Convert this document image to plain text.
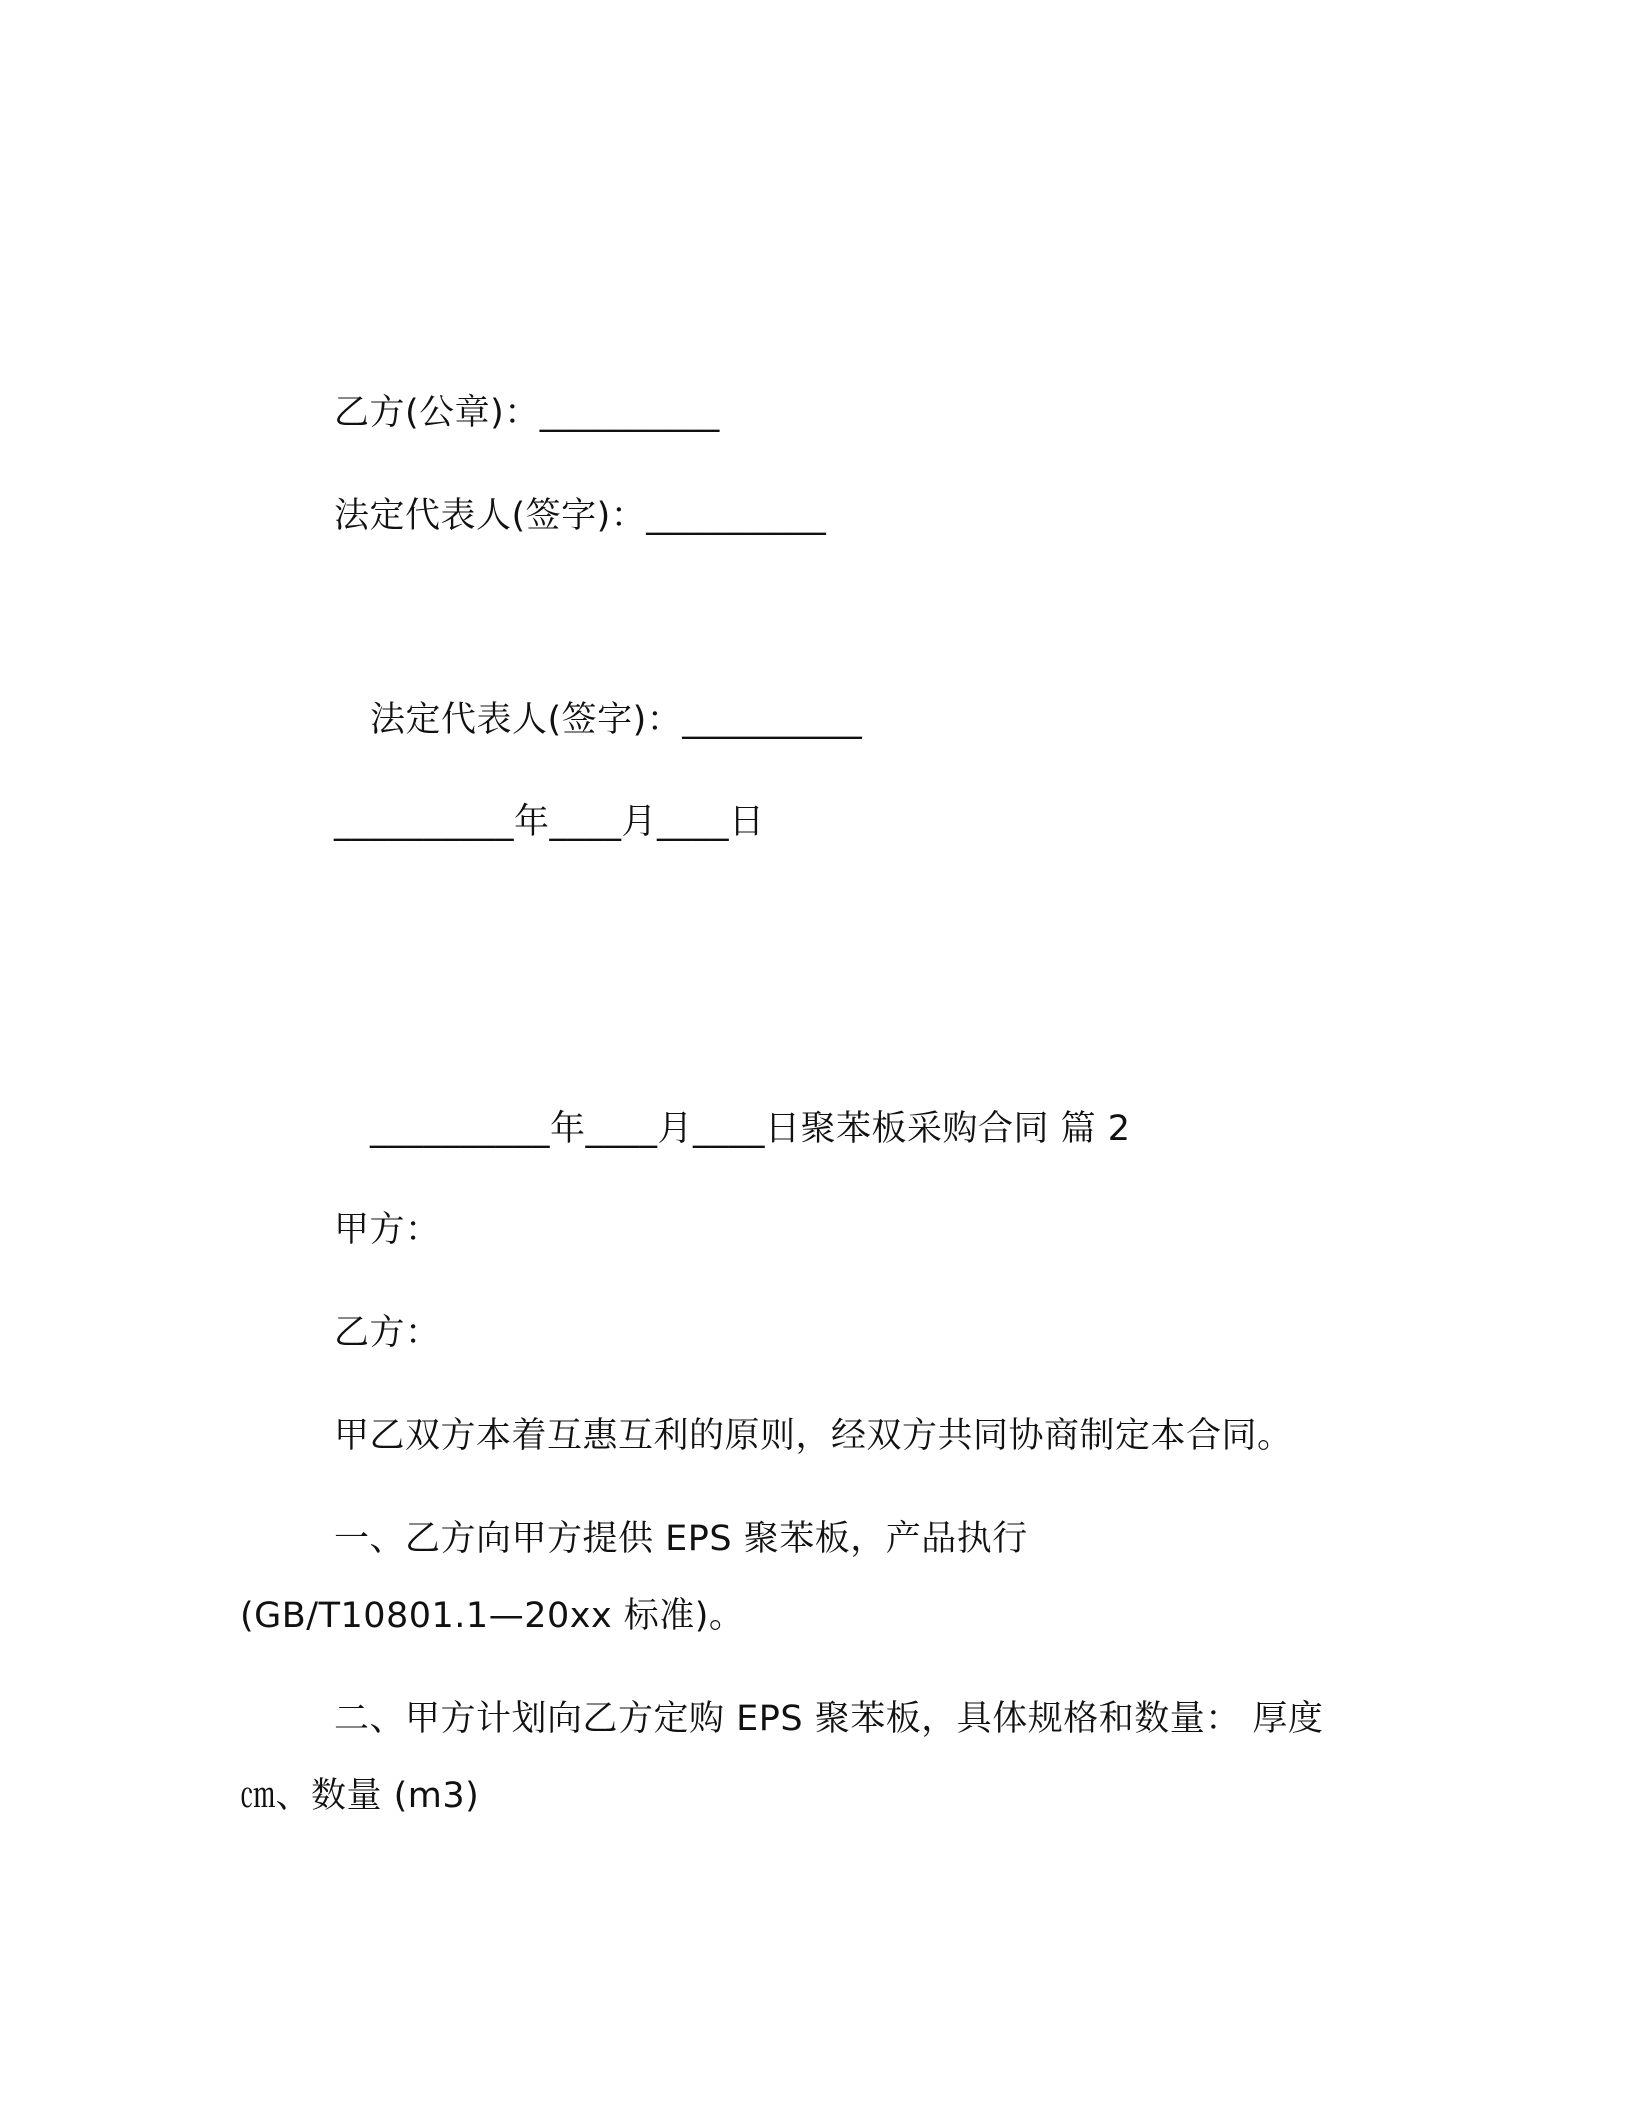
乙方(公章)：__________
法定代表人(签字)：__________
法定代表人(签字)：__________
__________年____月____日
__________年____月____日聚苯板采购合同 篇 2
甲方：
乙方：
甲乙双方本着互惠互利的原则，经双方共同协商制定本合同。
一、乙方向甲方提供 EPS 聚苯板，产品执行
(GB/T10801.1—20xx 标准)。
二、甲方计划向乙方定购 EPS 聚苯板，具体规格和数量： 厚度
㎝、数量 (m3)
